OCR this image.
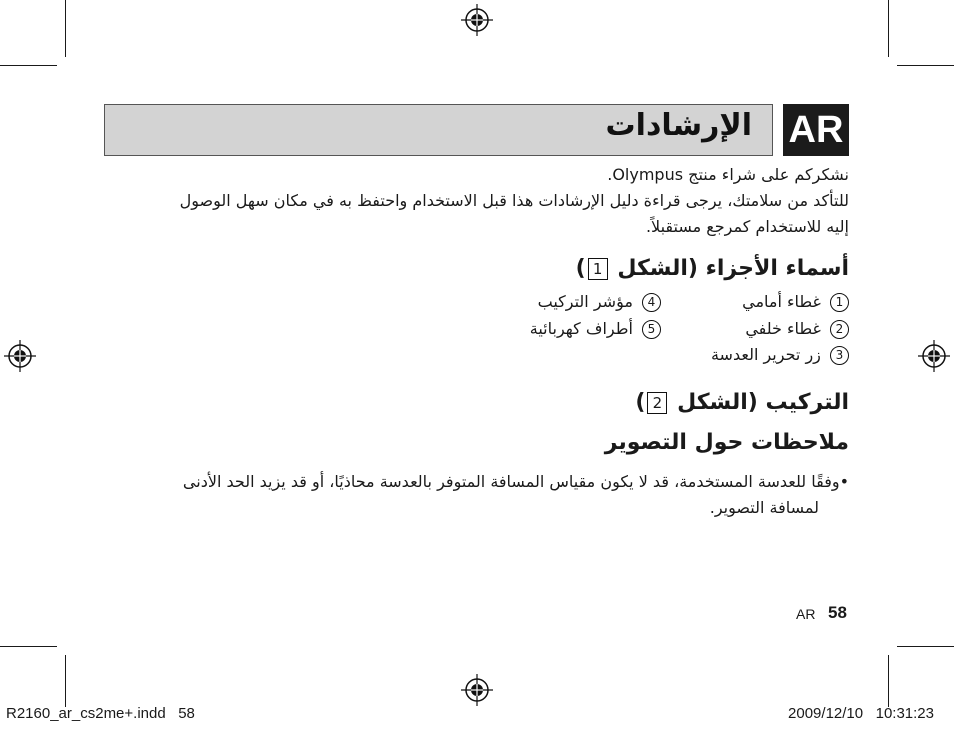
الإرشادات AR
نشكركم على شراء منتج Olympus.
للتأكد من سلامتك، يرجى قراءة دليل الإرشادات هذا قبل الاستخدام واحتفظ به في مكان سهل الوصول
إليه للاستخدام كمرجع مستقبلاً.
أسماء الأجزاء (الشكل 1)
1 غطاء أمامي
2 غطاء خلفي
3 زر تحرير العدسة
4 مؤشر التركيب
5 أطراف كهربائية
التركيب (الشكل 2)
ملاحظات حول التصوير
•وفقًا للعدسة المستخدمة، قد لا يكون مقياس المسافة المتوفر بالعدسة محاذيًا، أو قد يزيد الحد الأدنى
لمسافة التصوير.
AR 58
R2160_ar_cs2me+.indd   58	2009/12/10   10:31:23
